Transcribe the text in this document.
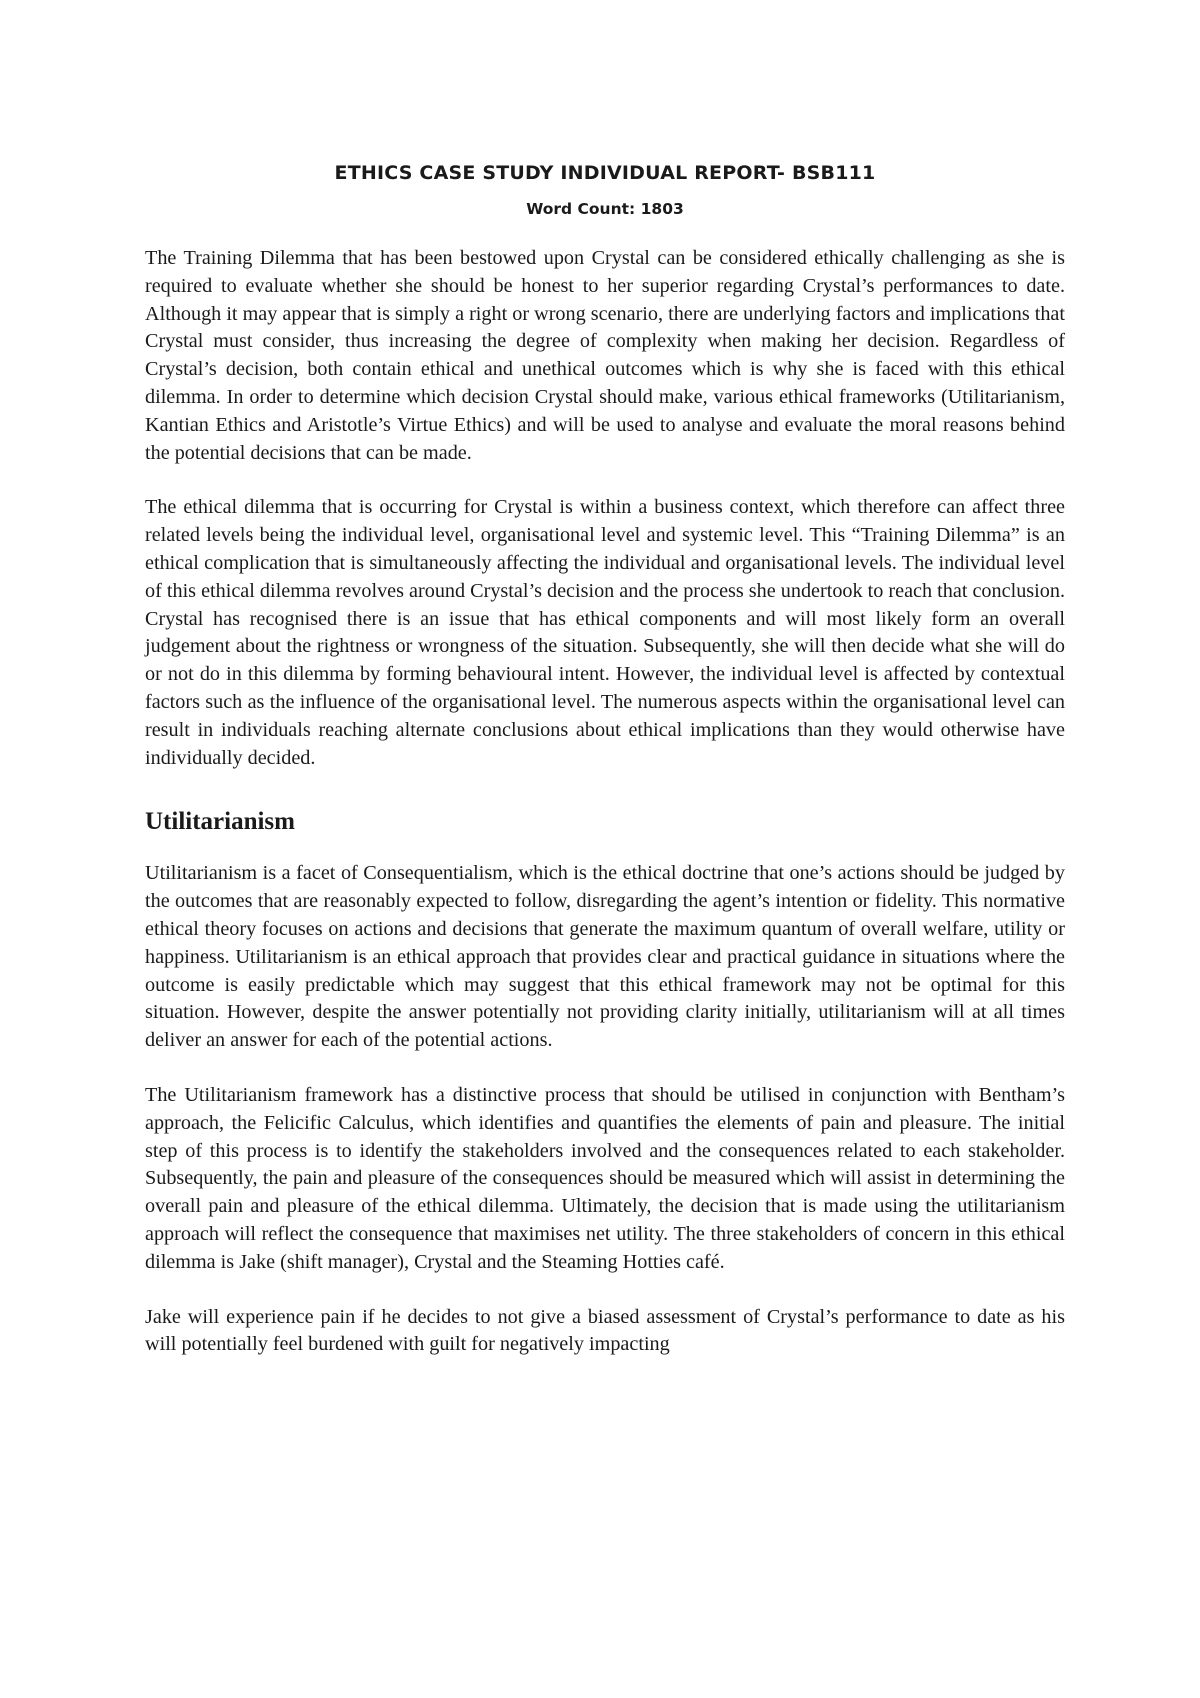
ETHICS CASE STUDY INDIVIDUAL REPORT- BSB111
Word Count: 1803

The Training Dilemma that has been bestowed upon Crystal can be considered ethically challenging as she is required to evaluate whether she should be honest to her superior regarding Crystal’s performances to date. Although it may appear that is simply a right or wrong scenario, there are underlying factors and implications that Crystal must consider, thus increasing the degree of complexity when making her decision. Regardless of Crystal’s decision, both contain ethical and unethical outcomes which is why she is faced with this ethical dilemma. In order to determine which decision Crystal should make, various ethical frameworks (Utilitarianism, Kantian Ethics and Aristotle’s Virtue Ethics) and will be used to analyse and evaluate the moral reasons behind the potential decisions that can be made.

The ethical dilemma that is occurring for Crystal is within a business context, which therefore can affect three related levels being the individual level, organisational level and systemic level. This “Training Dilemma” is an ethical complication that is simultaneously affecting the individual and organisational levels. The individual level of this ethical dilemma revolves around Crystal’s decision and the process she undertook to reach that conclusion. Crystal has recognised there is an issue that has ethical components and will most likely form an overall judgement about the rightness or wrongness of the situation. Subsequently, she will then decide what she will do or not do in this dilemma by forming behavioural intent. However, the individual level is affected by contextual factors such as the influence of the organisational level. The numerous aspects within the organisational level can result in individuals reaching alternate conclusions about ethical implications than they would otherwise have individually decided.

Utilitarianism

Utilitarianism is a facet of Consequentialism, which is the ethical doctrine that one’s actions should be judged by the outcomes that are reasonably expected to follow, disregarding the agent’s intention or fidelity. This normative ethical theory focuses on actions and decisions that generate the maximum quantum of overall welfare, utility or happiness. Utilitarianism is an ethical approach that provides clear and practical guidance in situations where the outcome is easily predictable which may suggest that this ethical framework may not be optimal for this situation. However, despite the answer potentially not providing clarity initially, utilitarianism will at all times deliver an answer for each of the potential actions.

The Utilitarianism framework has a distinctive process that should be utilised in conjunction with Bentham’s approach, the Felicific Calculus, which identifies and quantifies the elements of pain and pleasure. The initial step of this process is to identify the stakeholders involved and the consequences related to each stakeholder. Subsequently, the pain and pleasure of the consequences should be measured which will assist in determining the overall pain and pleasure of the ethical dilemma. Ultimately, the decision that is made using the utilitarianism approach will reflect the consequence that maximises net utility. The three stakeholders of concern in this ethical dilemma is Jake (shift manager), Crystal and the Steaming Hotties café.

Jake will experience pain if he decides to not give a biased assessment of Crystal’s performance to date as his will potentially feel burdened with guilt for negatively impacting
